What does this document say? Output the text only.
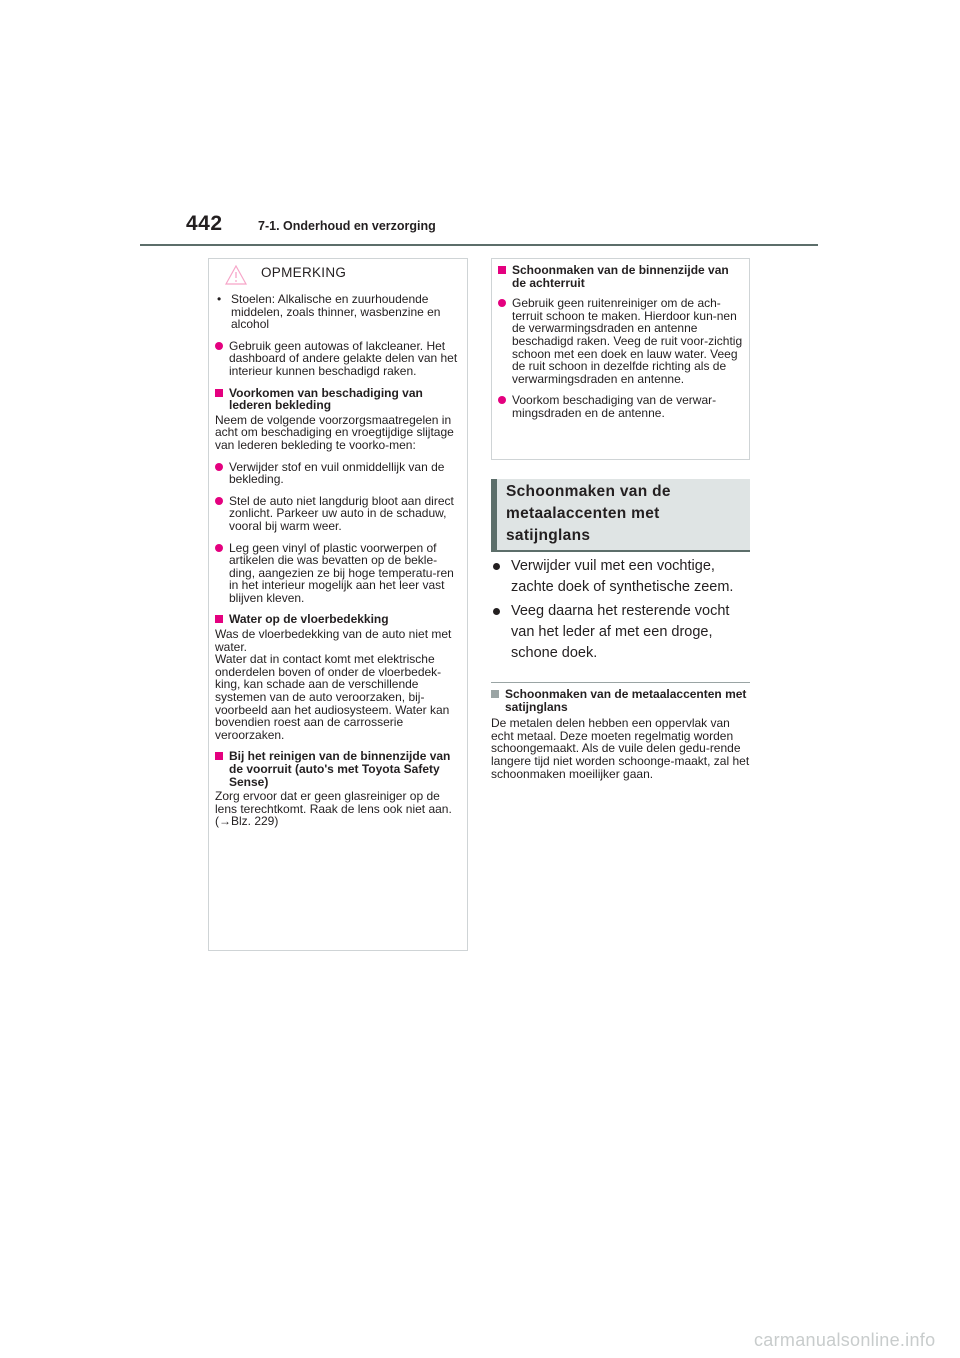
442	7-1. Onderhoud en verzorging
OPMERKING
• Stoelen: Alkalische en zuurhoudende middelen, zoals thinner, wasbenzine en alcohol
Gebruik geen autowas of lakcleaner. Het dashboard of andere gelakte delen van het interieur kunnen beschadigd raken.
Voorkomen van beschadiging van lederen bekleding

Neem de volgende voorzorgsmaatregelen in acht om beschadiging en vroegtijdige slijtage van lederen bekleding te voorko-men:

Verwijder stof en vuil onmiddellijk van de bekleding.
Stel de auto niet langdurig bloot aan direct zonlicht. Parkeer uw auto in de schaduw, vooral bij warm weer.
Leg geen vinyl of plastic voorwerpen of artikelen die was bevatten op de bekle-ding, aangezien ze bij hoge temperatu-ren in het interieur mogelijk aan het leer vast blijven kleven.
Water op de vloerbedekking
Was de vloerbedekking van de auto niet met water.
Water dat in contact komt met elektrische onderdelen boven of onder de vloerbedek-king, kan schade aan de verschillende systemen van de auto veroorzaken, bij-voorbeeld aan het audiosysteem. Water kan bovendien roest aan de carrosserie veroorzaken.
Bij het reinigen van de binnenzijde van de voorruit (auto's met Toyota Safety Sense)

Zorg ervoor dat er geen glasreiniger op de lens terechtkomt. Raak de lens ook niet aan. (→Blz. 229)

Schoonmaken van de binnenzijde van de achterruit
Gebruik geen ruitenreiniger om de ach-terruit schoon te maken. Hierdoor kun-nen de verwarmingsdraden en antenne beschadigd raken. Veeg de ruit voor-zichtig schoon met een doek en lauw water. Veeg de ruit schoon in dezelfde richting als de verwarmingsdraden en antenne.
Voorkom beschadiging van de verwar-mingsdraden en de antenne.
Schoonmaken van de
metaalaccenten met
satijnglans
Verwijder vuil met een vochtige, zachte doek of synthetische zeem.
Veeg daarna het resterende vocht van het leder af met een droge, schone doek.
Schoonmaken van de metaalaccenten met satijnglans

De metalen delen hebben een oppervlak van echt metaal. Deze moeten regelmatig worden schoongemaakt. Als de vuile delen gedu-rende langere tijd niet worden schoonge-maakt, zal het schoonmaken moeilijker gaan.

carmanualsonline.info
